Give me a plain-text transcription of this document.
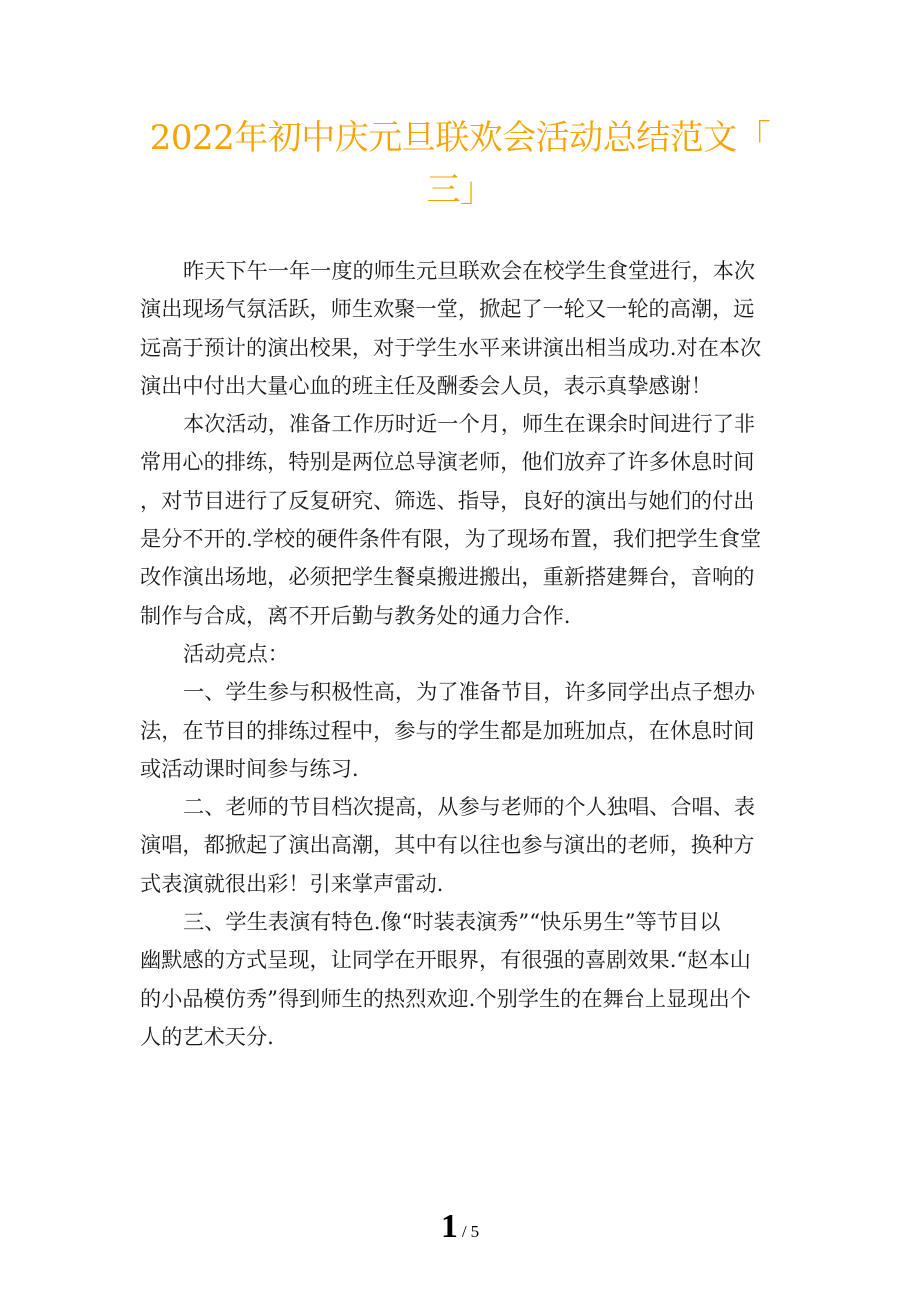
2022年初中庆元旦联欢会活动总结范文「
三」

昨天下午一年一度的师生元旦联欢会在校学生食堂进行，本次
演出现场气氛活跃，师生欢聚一堂，掀起了一轮又一轮的高潮，远
远高于预计的演出校果，对于学生水平来讲演出相当成功.对在本次
演出中付出大量心血的班主任及酬委会人员，表示真挚感谢！

本次活动，准备工作历时近一个月，师生在课余时间进行了非
常用心的排练，特别是两位总导演老师，他们放弃了许多休息时间
，对节目进行了反复研究、筛选、指导，良好的演出与她们的付出
是分不开的.学校的硬件条件有限，为了现场布置，我们把学生食堂
改作演出场地，必须把学生餐桌搬进搬出，重新搭建舞台，音响的
制作与合成，离不开后勤与教务处的通力合作.

活动亮点：

一、学生参与积极性高，为了准备节目，许多同学出点子想办
法，在节目的排练过程中，参与的学生都是加班加点，在休息时间
或活动课时间参与练习.

二、老师的节目档次提高，从参与老师的个人独唱、合唱、表
演唱，都掀起了演出高潮，其中有以往也参与演出的老师，换种方
式表演就很出彩！引来掌声雷动.

三、学生表演有特色.像“时装表演秀”“快乐男生”等节目以
幽默感的方式呈现，让同学在开眼界，有很强的喜剧效果.“赵本山
的小品模仿秀”得到师生的热烈欢迎.个别学生的在舞台上显现出个
人的艺术天分.

1 / 5
